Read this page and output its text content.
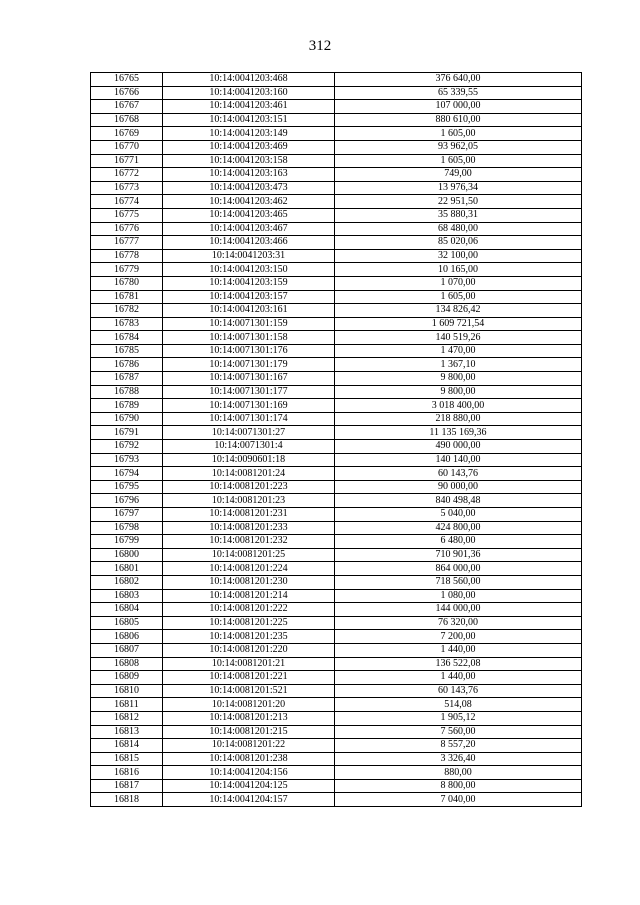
312
16765	10:14:0041203:468	376 640,00
16766	10:14:0041203:160	65 339,55
16767	10:14:0041203:461	107 000,00
16768	10:14:0041203:151	880 610,00
16769	10:14:0041203:149	1 605,00
16770	10:14:0041203:469	93 962,05
16771	10:14:0041203:158	1 605,00
16772	10:14:0041203:163	749,00
16773	10:14:0041203:473	13 976,34
16774	10:14:0041203:462	22 951,50
16775	10:14:0041203:465	35 880,31
16776	10:14:0041203:467	68 480,00
16777	10:14:0041203:466	85 020,06
16778	10:14:0041203:31	32 100,00
16779	10:14:0041203:150	10 165,00
16780	10:14:0041203:159	1 070,00
16781	10:14:0041203:157	1 605,00
16782	10:14:0041203:161	134 826,42
16783	10:14:0071301:159	1 609 721,54
16784	10:14:0071301:158	140 519,26
16785	10:14:0071301:176	1 470,00
16786	10:14:0071301:179	1 367,10
16787	10:14:0071301:167	9 800,00
16788	10:14:0071301:177	9 800,00
16789	10:14:0071301:169	3 018 400,00
16790	10:14:0071301:174	218 880,00
16791	10:14:0071301:27	11 135 169,36
16792	10:14:0071301:4	490 000,00
16793	10:14:0090601:18	140 140,00
16794	10:14:0081201:24	60 143,76
16795	10:14:0081201:223	90 000,00
16796	10:14:0081201:23	840 498,48
16797	10:14:0081201:231	5 040,00
16798	10:14:0081201:233	424 800,00
16799	10:14:0081201:232	6 480,00
16800	10:14:0081201:25	710 901,36
16801	10:14:0081201:224	864 000,00
16802	10:14:0081201:230	718 560,00
16803	10:14:0081201:214	1 080,00
16804	10:14:0081201:222	144 000,00
16805	10:14:0081201:225	76 320,00
16806	10:14:0081201:235	7 200,00
16807	10:14:0081201:220	1 440,00
16808	10:14:0081201:21	136 522,08
16809	10:14:0081201:221	1 440,00
16810	10:14:0081201:521	60 143,76
16811	10:14:0081201:20	514,08
16812	10:14:0081201:213	1 905,12
16813	10:14:0081201:215	7 560,00
16814	10:14:0081201:22	8 557,20
16815	10:14:0081201:238	3 326,40
16816	10:14:0041204:156	880,00
16817	10:14:0041204:125	8 800,00
16818	10:14:0041204:157	7 040,00
